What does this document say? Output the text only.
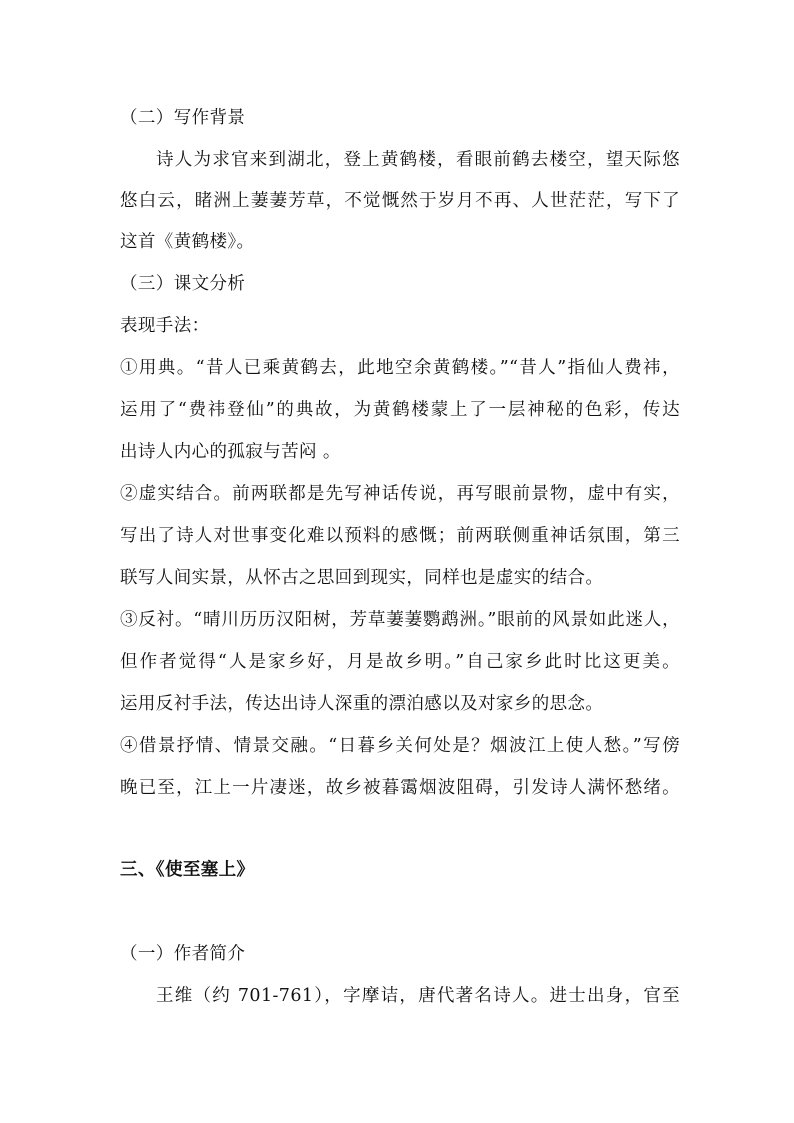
（二）写作背景
诗人为求官来到湖北，登上黄鹤楼，看眼前鹤去楼空，望天际悠
悠白云，睹洲上萋萋芳草，不觉慨然于岁月不再、人世茫茫，写下了
这首《黄鹤楼》。
（三）课文分析
表现手法：
①用典。“昔人已乘黄鹤去，此地空余黄鹤楼。”“昔人”指仙人费祎，
运用了“费祎登仙”的典故，为黄鹤楼蒙上了一层神秘的色彩，传达
出诗人内心的孤寂与苦闷 。
②虚实结合。前两联都是先写神话传说，再写眼前景物，虚中有实，
写出了诗人对世事变化难以预料的感慨；前两联侧重神话氛围，第三
联写人间实景，从怀古之思回到现实，同样也是虚实的结合。
③反衬。“晴川历历汉阳树，芳草萋萋鹦鹉洲。”眼前的风景如此迷人，
但作者觉得“人是家乡好，月是故乡明。”自己家乡此时比这更美。
运用反衬手法，传达出诗人深重的漂泊感以及对家乡的思念。
④借景抒情、情景交融。“日暮乡关何处是？烟波江上使人愁。”写傍
晚已至，江上一片凄迷，故乡被暮霭烟波阻碍，引发诗人满怀愁绪。
三、《使至塞上》
（一）作者简介
王维（约 701-761），字摩诘，唐代著名诗人。进士出身，官至
